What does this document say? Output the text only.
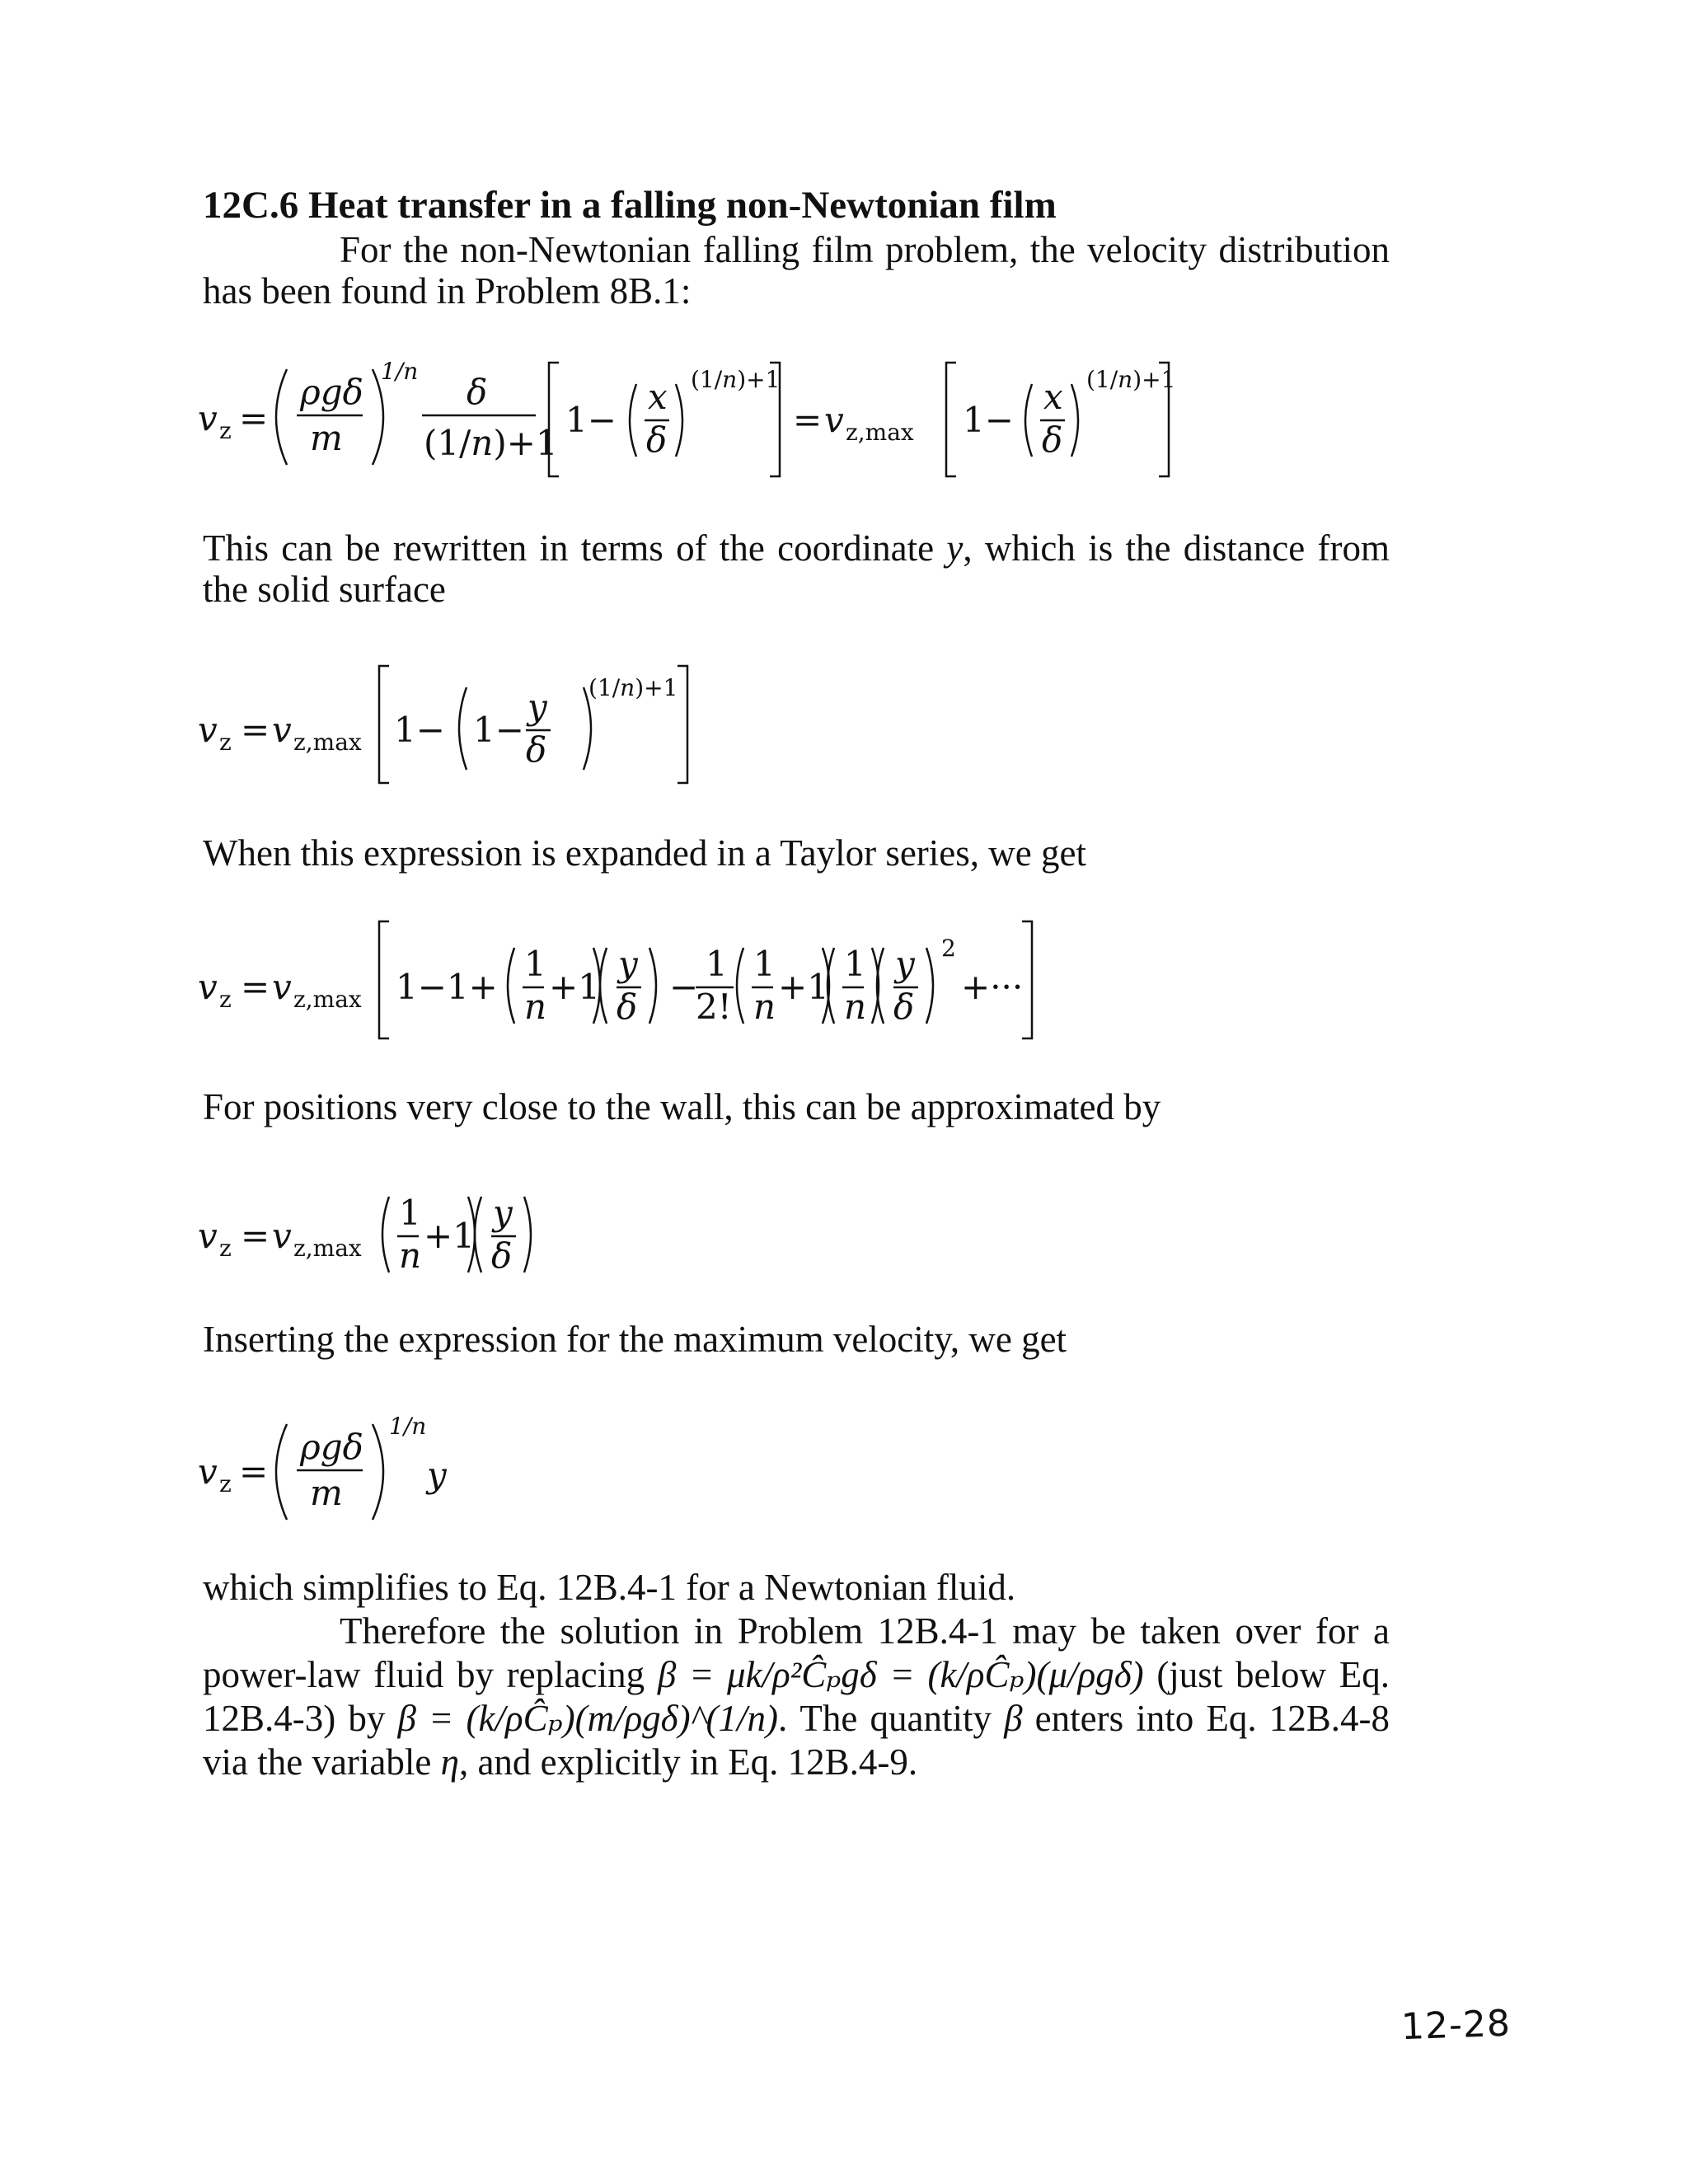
12C.6 Heat transfer in a falling non-Newtonian film
For the non-Newtonian falling film problem, the velocity distribution has been found in Problem 8B.1:
v z =
ρgδ
m
1/n
δ
(1/n)+1
1−
x
δ
(1/n)+1
= v z,max 1−
x
δ
(1/n)+1
This can be rewritten in terms of the coordinate y, which is the distance from the solid surface
v z = v z,max 1− 1−
y
δ
(1/n)+1
When this expression is expanded in a Taylor series, we get
v z = v z,max 1−1+
1
n +1
y
δ −
1
2!
1
n +1
1
n
y
δ
2
+···
For positions very close to the wall, this can be approximated by
v z = v z,max
1
n +1
y
δ
Inserting the expression for the maximum velocity, we get
v z =
ρgδ
m
1/n
y
which simplifies to Eq. 12B.4-1 for a Newtonian fluid.
Therefore the solution in Problem 12B.4-1 may be taken over for a power-law fluid by replacing β = μk/ρ²Ĉₚgδ = (k/ρĈₚ)(μ/ρgδ) (just below Eq. 12B.4-3) by β = (k/ρĈₚ)(m/ρgδ)^(1/n). The quantity β enters into Eq. 12B.4-8 via the variable η, and explicitly in Eq. 12B.4-9.
12-28
